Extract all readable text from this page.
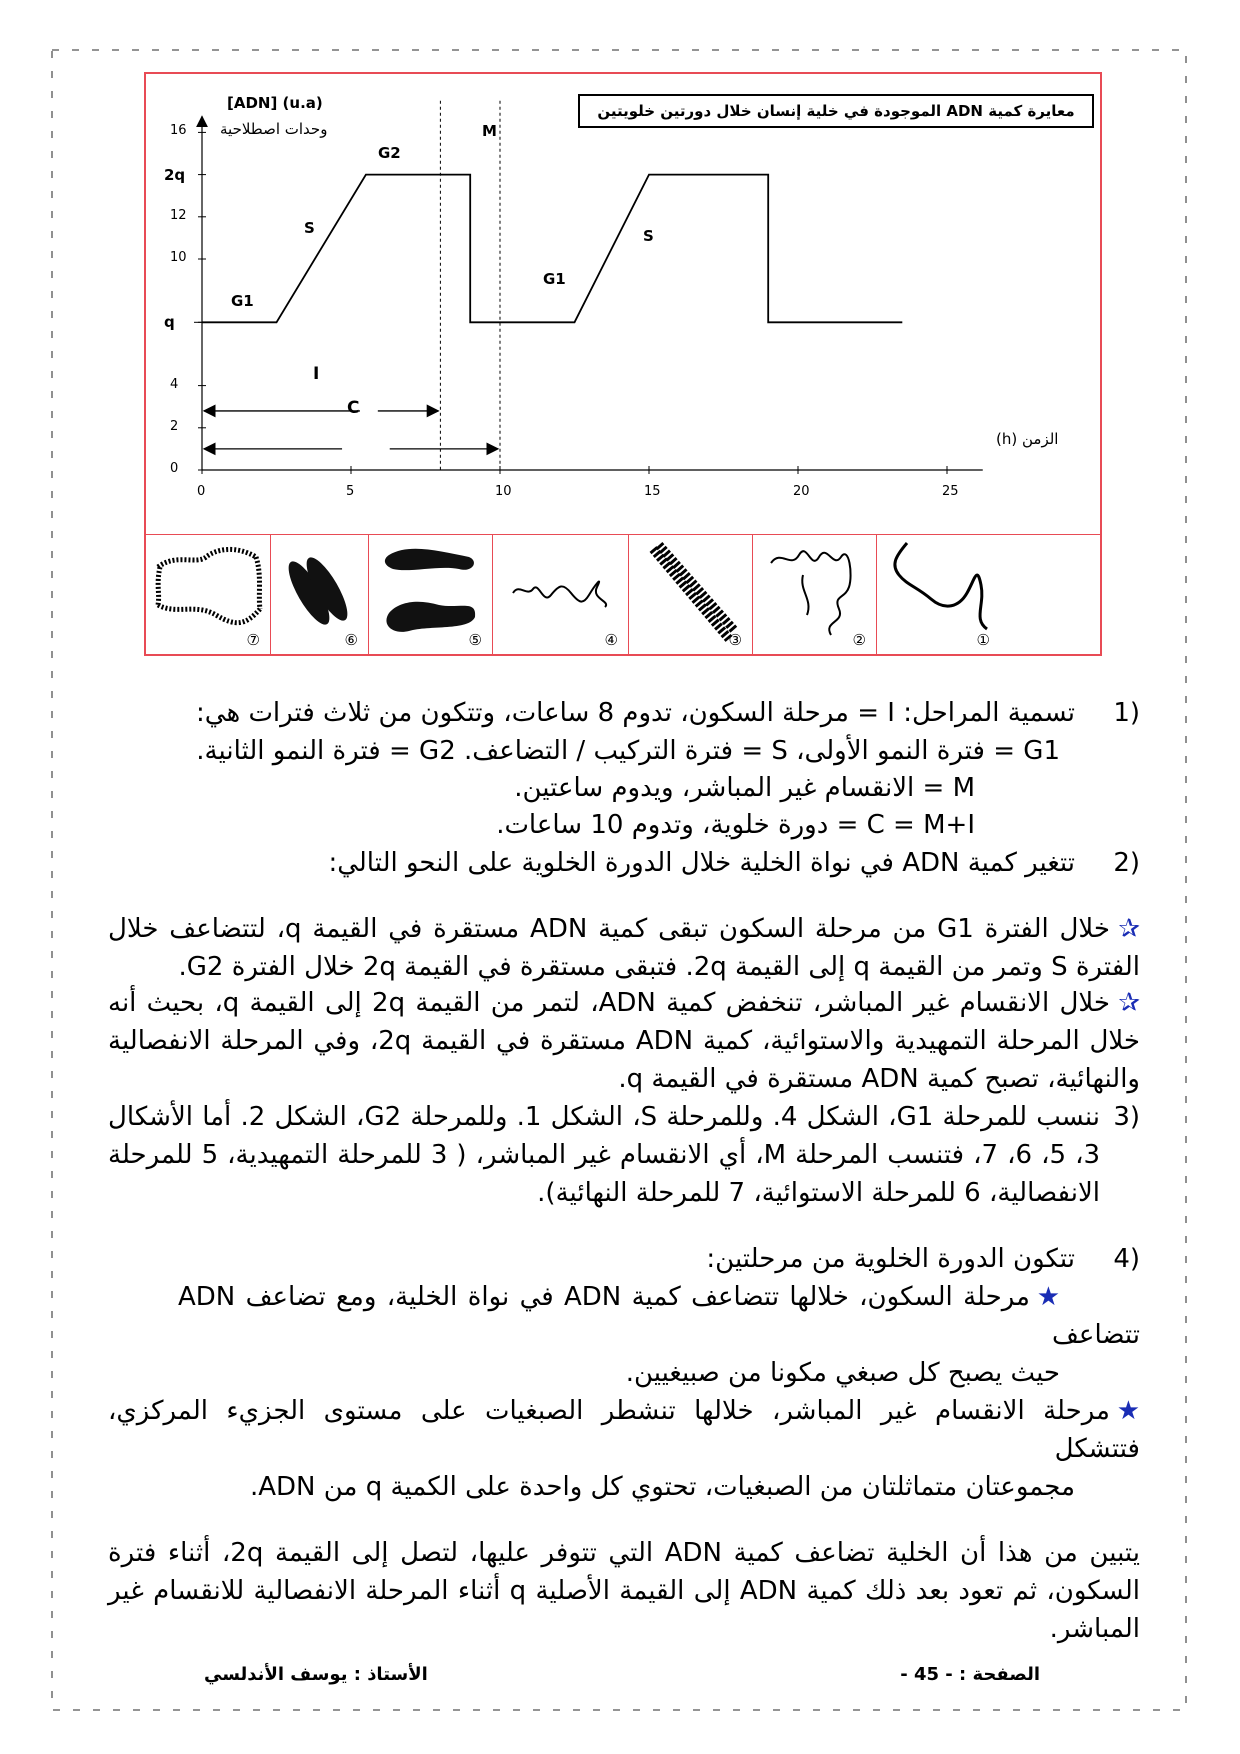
معايرة كمية ADN الموجودة في خلية إنسان خلال دورتين خلويتين
[ADN] (u.a)
وحدات اصطلاحية
الزمن (h)
G1
S
G2
M
G1
S
I
C
⑦	⑥	⑤	④	③	②	①
16
2q
12
10
q
4
2
0
0	5	10	15	20	25
1)
تسمية المراحل: I = مرحلة السكون، تدوم 8 ساعات، وتتكون من ثلاث فترات هي:
G1 = فترة النمو الأولى، S = فترة التركيب / التضاعف. G2 = فترة النمو الثانية.
M = الانقسام غير المباشر، ويدوم ساعتين.
C = M+I = دورة خلوية، وتدوم 10 ساعات.
2)
تتغير كمية ADN في نواة الخلية خلال الدورة الخلوية على النحو التالي:
✰
خلال الفترة G1 من مرحلة السكون تبقى كمية ADN مستقرة في القيمة q، لتتضاعف خلال
الفترة S وتمر من القيمة q إلى القيمة 2q. فتبقى مستقرة في القيمة 2q خلال الفترة G2.
✰
خلال الانقسام غير المباشر، تنخفض كمية ADN، لتمر من القيمة 2q إلى القيمة q، بحيث أنه
خلال المرحلة التمهيدية والاستوائية، كمية ADN مستقرة في القيمة 2q، وفي المرحلة الانفصالية
والنهائية، تصبح كمية ADN مستقرة في القيمة q.
3)
ننسب للمرحلة G1، الشكل 4. وللمرحلة S، الشكل 1. وللمرحلة G2، الشكل 2. أما الأشكال
3، 5، 6، 7، فتنسب المرحلة M، أي الانقسام غير المباشر، ( 3 للمرحلة التمهيدية، 5 للمرحلة
الانفصالية، 6 للمرحلة الاستوائية، 7 للمرحلة النهائية).
4)
تتكون الدورة الخلوية من مرحلتين:
★
مرحلة السكون، خلالها تتضاعف كمية ADN في نواة الخلية، ومع تضاعف ADN
تتضاعف
حيث يصبح كل صبغي مكونا من صبيغيين.
★
مرحلة الانقسام غير المباشر، خلالها تنشطر الصبغيات على مستوى الجزيء المركزي،
فتتشكل
مجموعتان متماثلتان من الصبغيات، تحتوي كل واحدة على الكمية q من ADN.
يتبين من هذا أن الخلية تضاعف كمية ADN التي تتوفر عليها، لتصل إلى القيمة 2q، أثناء فترة
السكون، ثم تعود بعد ذلك كمية ADN إلى القيمة الأصلية q أثناء المرحلة الانفصالية للانقسام غير
المباشر.
الصفحة : - 45 -
الأستاذ : يوسف الأندلسي
